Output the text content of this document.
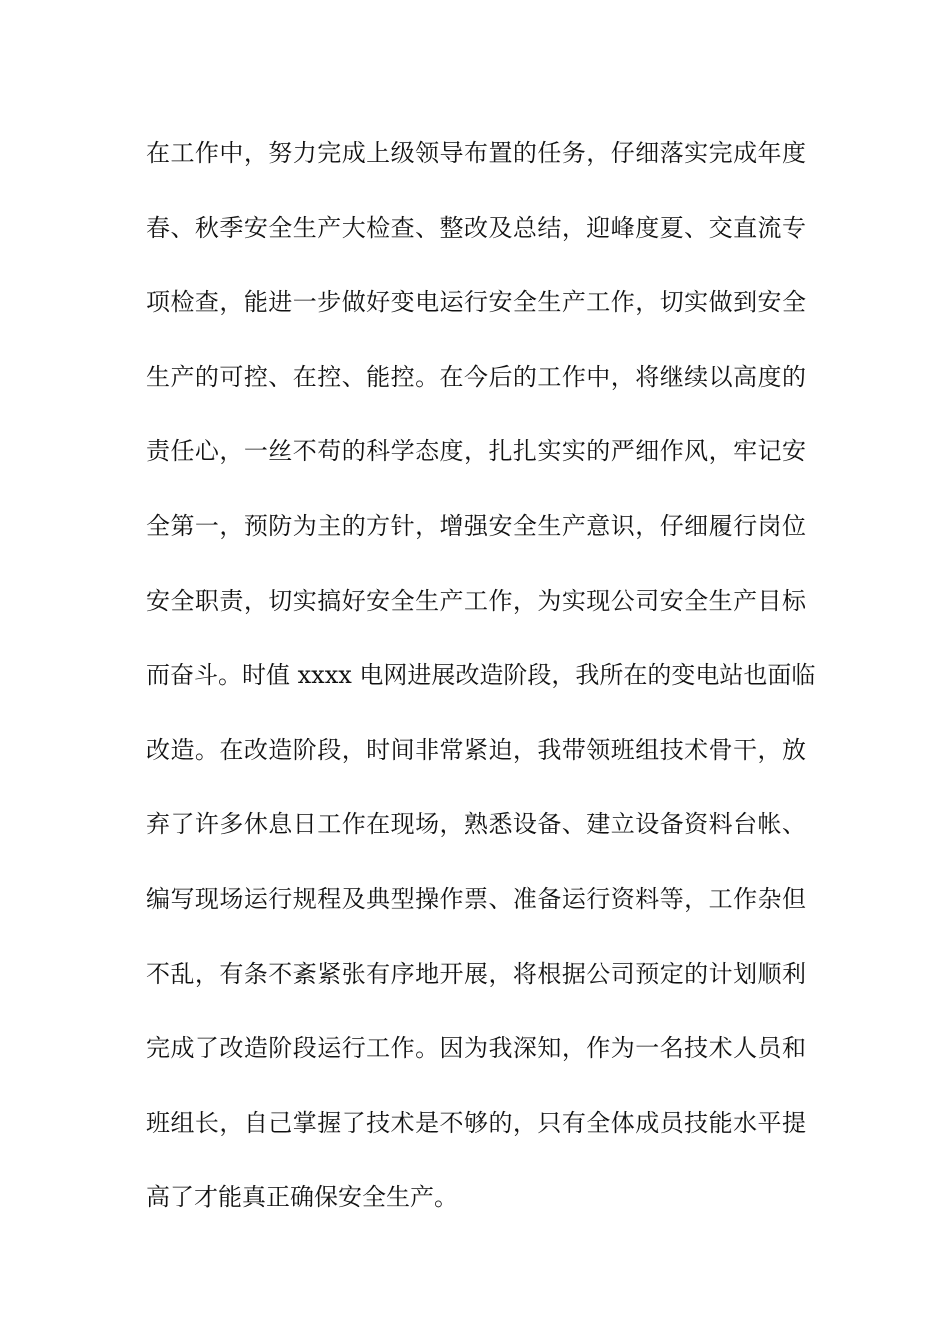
在工作中，努力完成上级领导布置的任务，仔细落实完成年度
春、秋季安全生产大检查、整改及总结，迎峰度夏、交直流专
项检查，能进一步做好变电运行安全生产工作，切实做到安全
生产的可控、在控、能控。在今后的工作中，将继续以高度的
责任心，一丝不苟的科学态度，扎扎实实的严细作风，牢记安
全第一，预防为主的方针，增强安全生产意识，仔细履行岗位
安全职责，切实搞好安全生产工作，为实现公司安全生产目标
而奋斗。时值 xxxx 电网进展改造阶段，我所在的变电站也面临
改造。在改造阶段，时间非常紧迫，我带领班组技术骨干，放
弃了许多休息日工作在现场，熟悉设备、建立设备资料台帐、
编写现场运行规程及典型操作票、准备运行资料等，工作杂但
不乱，有条不紊紧张有序地开展，将根据公司预定的计划顺利
完成了改造阶段运行工作。因为我深知，作为一名技术人员和
班组长，自己掌握了技术是不够的，只有全体成员技能水平提
高了才能真正确保安全生产。
